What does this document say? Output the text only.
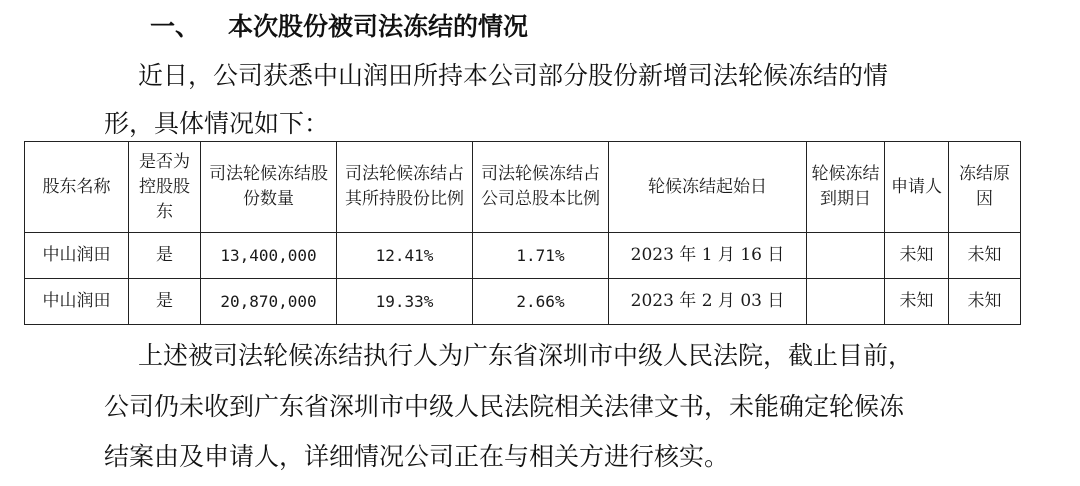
一、 本次股份被司法冻结的情况
近日，公司获悉中山润田所持本公司部分股份新增司法轮候冻结的情
形，具体情况如下：
股东名称	是否为控股股东	司法轮候冻结股份数量	司法轮候冻结占其所持股份比例	司法轮候冻结占公司总股本比例	轮候冻结起始日	轮候冻结到期日	申请人	冻结原因
中山润田	是	13,400,000	12.41%	1.71%	2023 年 1 月 16 日		未知	未知
中山润田	是	20,870,000	19.33%	2.66%	2023 年 2 月 03 日		未知	未知
上述被司法轮候冻结执行人为广东省深圳市中级人民法院，截止目前，
公司仍未收到广东省深圳市中级人民法院相关法律文书，未能确定轮候冻
结案由及申请人，详细情况公司正在与相关方进行核实。
